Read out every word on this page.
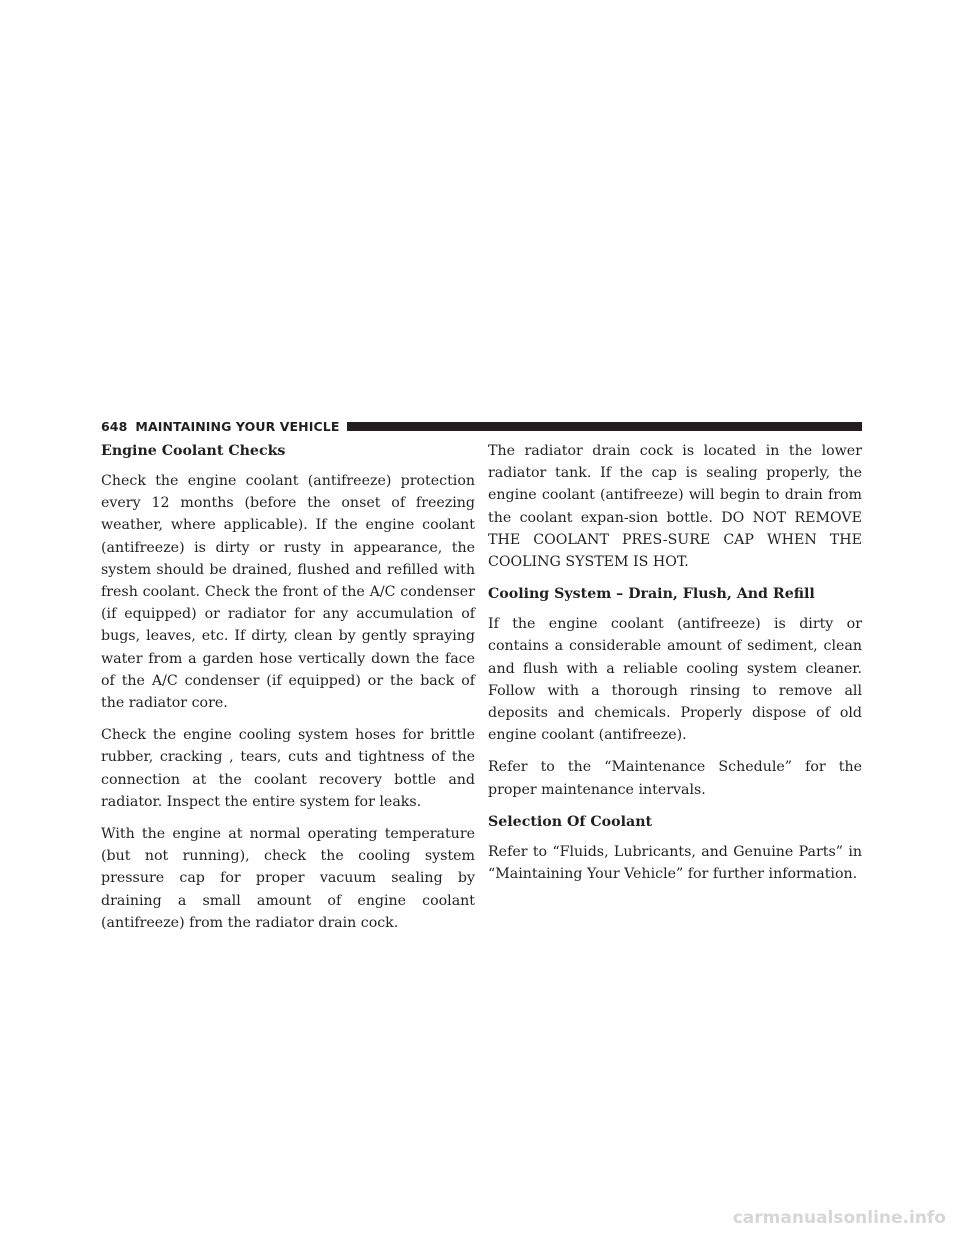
648 MAINTAINING YOUR VEHICLE
Engine Coolant Checks

Check the engine coolant (antifreeze) protection every 12 months (before the onset of freezing weather, where applicable). If the engine coolant (antifreeze) is dirty or rusty in appearance, the system should be drained, flushed and refilled with fresh coolant. Check the front of the A/C condenser (if equipped) or radiator for any accumulation of bugs, leaves, etc. If dirty, clean by gently spraying water from a garden hose vertically down the face of the A/C condenser (if equipped) or the back of the radiator core.

Check the engine cooling system hoses for brittle rubber, cracking , tears, cuts and tightness of the connection at the coolant recovery bottle and radiator. Inspect the entire system for leaks.

With the engine at normal operating temperature (but not running), check the cooling system pressure cap for proper vacuum sealing by draining a small amount of engine coolant (antifreeze) from the radiator drain cock.

The radiator drain cock is located in the lower radiator tank. If the cap is sealing properly, the engine coolant (antifreeze) will begin to drain from the coolant expan-sion bottle. DO NOT REMOVE THE COOLANT PRES-SURE CAP WHEN THE COOLING SYSTEM IS HOT.

Cooling System – Drain, Flush, And Refill

If the engine coolant (antifreeze) is dirty or contains a considerable amount of sediment, clean and flush with a reliable cooling system cleaner. Follow with a thorough rinsing to remove all deposits and chemicals. Properly dispose of old engine coolant (antifreeze).

Refer to the “Maintenance Schedule” for the proper maintenance intervals.

Selection Of Coolant

Refer to “Fluids, Lubricants, and Genuine Parts” in “Maintaining Your Vehicle” for further information.

carmanualsonline.info
